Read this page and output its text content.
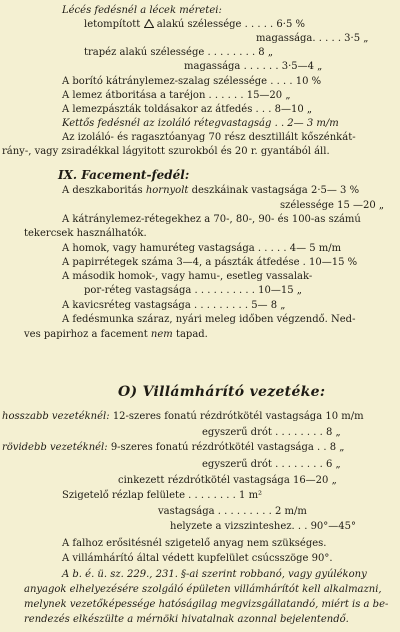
Lécés fedésnél a lécek méretei:
letompított alakú szélessége . . . . . 6·5 %
magassága. . . . . 3·5 „
trapéz alakú szélessége . . . . . . . . 8 „
magassága . . . . . . 3·5—4 „
A borító kátránylemez-szalag szélessége . . . . 10 %
A lemez átboritása a taréjon . . . . . . 15—20 „
A lemezpászták toldásakor az átfedés . . . 8—10 „
Kettős fedésnél az izoláló rétegvastagság . . 2— 3 m/m
Az izoláló- és ragasztóanyag 70 rész desztillált kőszénkát-
rány-, vagy zsiradékkal lágyitott szurokból és 20 r. gyantából áll.
IX. Facement-fedél:
A deszkaboritás hornyolt deszkáinak vastagsága 2·5— 3 %
szélessége 15 —20 „
A kátránylemez-rétegekhez a 70-, 80-, 90- és 100-as számú
tekercsek használhatók.
A homok, vagy hamuréteg vastagsága . . . . . 4— 5 m/m
A papirrétegek száma 3—4, a pászták átfedése . 10—15 %
A második homok-, vagy hamu-, esetleg vassalak-
por-réteg vastagsága . . . . . . . . . . 10—15 „
A kavicsréteg vastagsága . . . . . . . . . 5— 8 „
A fedésmunka száraz, nyári meleg időben végzendő. Ned-
ves papirhoz a facement nem tapad.
O) Villámhárító vezetéke:
hosszabb vezetéknél: 12-szeres fonatú rézdrótkötél vastagsága 10 m/m
egyszerű drót . . . . . . . . 8 „
rövidebb vezetéknél: 9-szeres fonatú rézdrótkötél vastagsága . . 8 „
egyszerű drót . . . . . . . . 6 „
cinkezett rézdrótkötél vastagsága 16—20 „
Szigetelő rézlap felülete . . . . . . . . 1 m²
vastagsága . . . . . . . . . 2 m/m
helyzete a vizszinteshez. . . 90°—45°
A falhoz erősitésnél szigetelő anyag nem szükséges.
A villámhárító által védett kupfelület csúcsszöge 90°.
A b. é. ü. sz. 229., 231. §-ai szerint robbanó, vagy gyúlékony
anyagok elhelyezésére szolgáló épületen villámhárítót kell alkalmazni,
melynek vezetőképessége hatóságilag megvizsgállatandó, miért is a be-
rendezés elkészülte a mérnöki hivatalnak azonnal bejelentendő.
